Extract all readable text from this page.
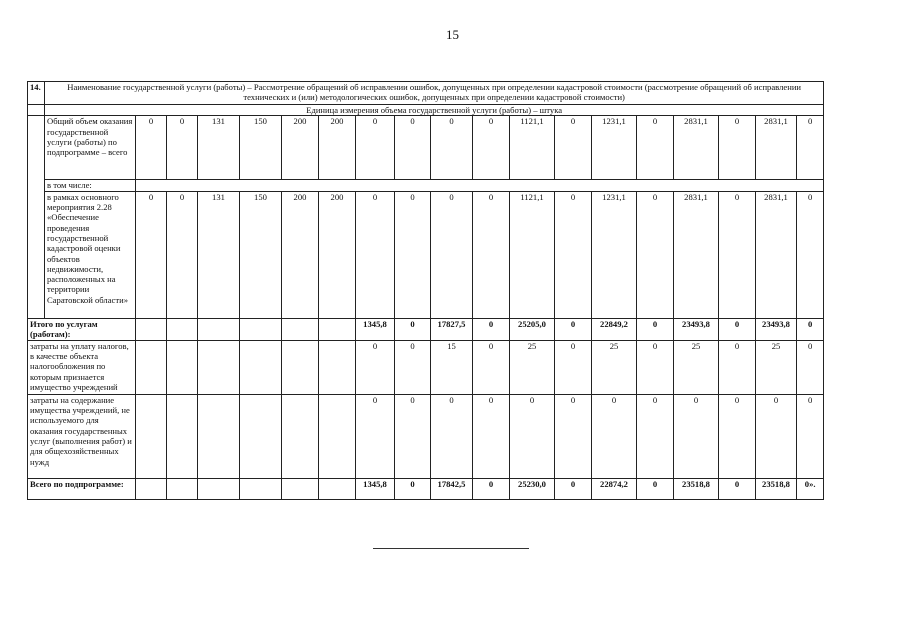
15
14.	Наименование государственной услуги (работы) – Рассмотрение обращений об исправлении ошибок, допущенных при определении кадастровой стоимости (рассмотрение обращений об исправлении технических и (или) методологических ошибок, допущенных при определении кадастровой стоимости)																		
	Единица измерения объема государственной услуги (работы) – штука																		
	Общий объем оказания государственной услуги (работы) по подпрограмме – всего	0	0	131	150	200	200	0	0	0	0	1121,1	0	1231,1	0	2831,1	0	2831,1	0
	в том числе:																		
	в рамках основного мероприятия 2.28 «Обеспечение проведения государственной кадастровой оценки объектов недвижимости, расположенных на территории Саратовской области»	0	0	131	150	200	200	0	0	0	0	1121,1	0	1231,1	0	2831,1	0	2831,1	0
Итого по услугам (работам):								1345,8	0	17827,5	0	25205,0	0	22849,2	0	23493,8	0	23493,8	0
затраты на уплату налогов, в качестве объекта налогообложения по которым признается имущество учреждений								0	0	15	0	25	0	25	0	25	0	25	0
затраты на содержание имущества учреждений, не используемого для оказания государственных услуг (выполнения работ) и для общехозяйственных нужд								0	0	0	0	0	0	0	0	0	0	0	0
Всего по подпрограмме:								1345,8	0	17842,5	0	25230,0	0	22874,2	0	23518,8	0	23518,8	0».
